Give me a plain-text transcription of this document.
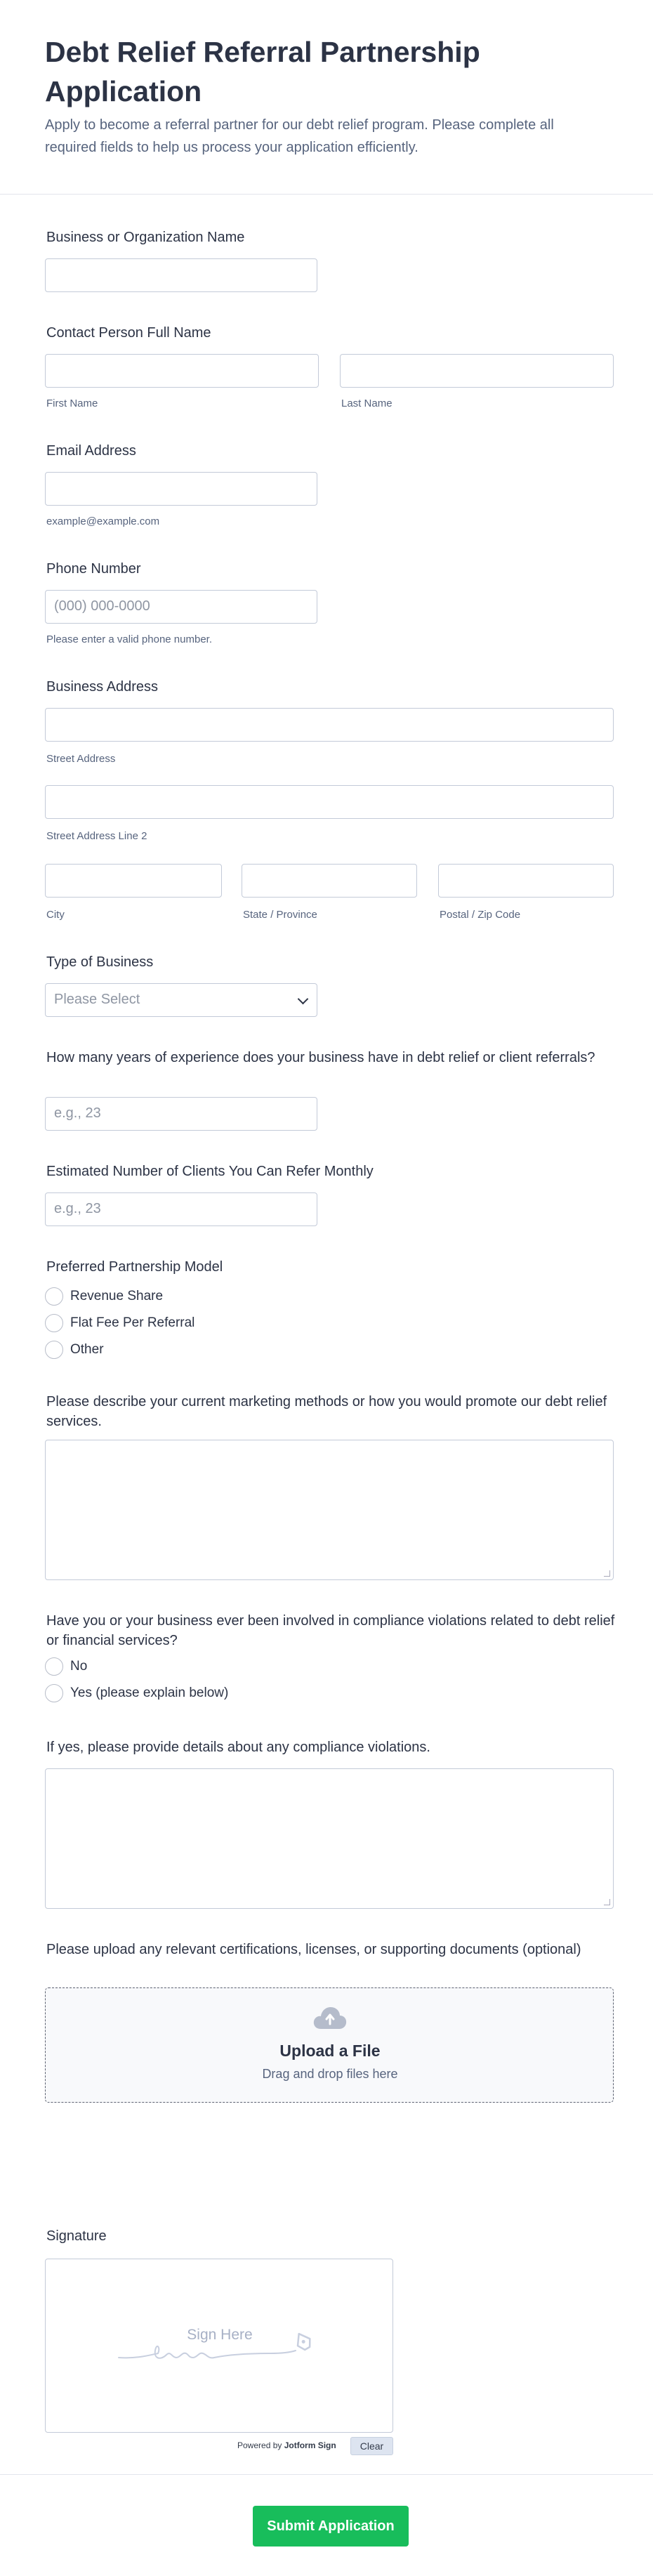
Debt Relief Referral Partnership Application

Apply to become a referral partner for our debt relief program. Please complete all required fields to help us process your application efficiently.

Business or Organization Name
Contact Person Full Name
First Name	Last Name
Email Address
example@example.com
Phone Number
(000) 000-0000
Please enter a valid phone number.
Business Address
Street Address
Street Address Line 2
City	State / Province	Postal / Zip Code
Type of Business
Please Select
How many years of experience does your business have in debt relief or client referrals?
e.g., 23
Estimated Number of Clients You Can Refer Monthly
e.g., 23
Preferred Partnership Model
Revenue Share
Flat Fee Per Referral
Other
Please describe your current marketing methods or how you would promote our debt relief services.
Have you or your business ever been involved in compliance violations related to debt relief or financial services?
No
Yes (please explain below)
If yes, please provide details about any compliance violations.
Please upload any relevant certifications, licenses, or supporting documents (optional)
Upload a File
Drag and drop files here
Signature
Sign Here
Powered by Jotform Sign	Clear
Submit Application
